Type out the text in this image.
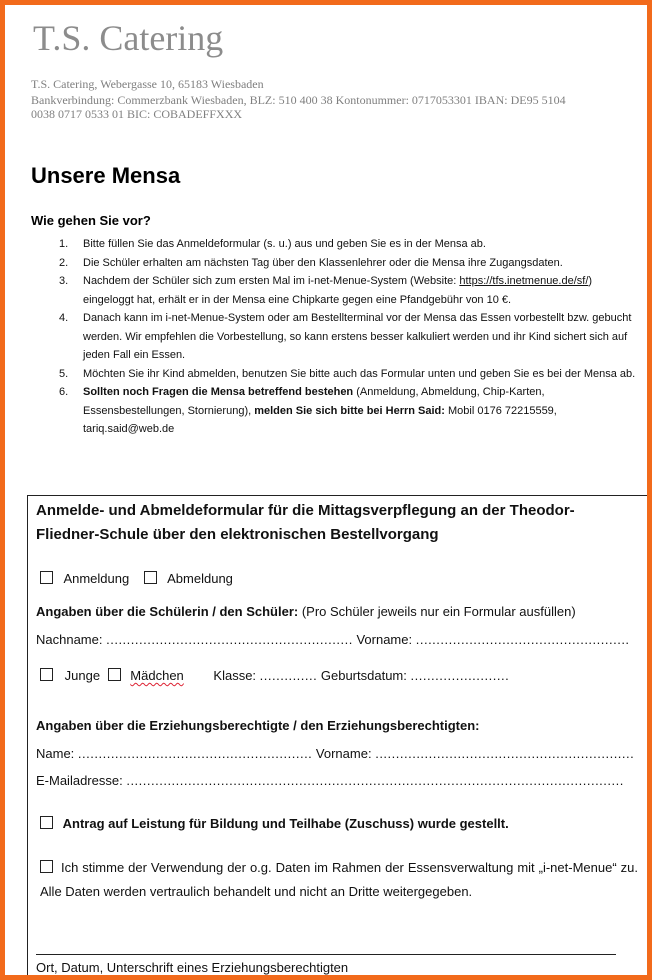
T.S. Catering
T.S. Catering, Webergasse 10, 65183 Wiesbaden
Bankverbindung: Commerzbank Wiesbaden, BLZ: 510 400 38 Kontonummer: 0717053301 IBAN: DE95 5104
0038 0717 0533 01 BIC: COBADEFFXXX
Unsere Mensa
Wie gehen Sie vor?
1. Bitte füllen Sie das Anmeldeformular (s. u.) aus und geben Sie es in der Mensa ab.
2. Die Schüler erhalten am nächsten Tag über den Klassenlehrer oder die Mensa ihre Zugangsdaten.
3. Nachdem der Schüler sich zum ersten Mal im i-net-Menue-System (Website: https://tfs.inetmenue.de/sf/) eingeloggt hat, erhält er in der Mensa eine Chipkarte gegen eine Pfandgebühr von 10 €.
4. Danach kann im i-net-Menue-System oder am Bestellterminal vor der Mensa das Essen vorbestellt bzw. gebucht werden. Wir empfehlen die Vorbestellung, so kann erstens besser kalkuliert werden und ihr Kind sichert sich auf jeden Fall ein Essen.
5. Möchten Sie ihr Kind abmelden, benutzen Sie bitte auch das Formular unten und geben Sie es bei der Mensa ab.
6. Sollten noch Fragen die Mensa betreffend bestehen (Anmeldung, Abmeldung, Chip-Karten, Essensbestellungen, Stornierung), melden Sie sich bitte bei Herrn Said: Mobil 0176 72215559, tariq.said@web.de
Anmelde- und Abmeldeformular für die Mittagsverpflegung an der Theodor-Fliedner-Schule über den elektronischen Bestellvorgang
Anmeldung	Abmeldung
Angaben über die Schülerin / den Schüler: (Pro Schüler jeweils nur ein Formular ausfüllen)
Nachname: ............................................................ Vorname: ....................................................
Junge Mädchen Klasse: .............. Geburtsdatum: ........................
Angaben über die Erziehungsberechtigte / den Erziehungsberechtigten:
Name: ......................................................... Vorname: ...............................................................
E-Mailadresse: .........................................................................................................................
Antrag auf Leistung für Bildung und Teilhabe (Zuschuss) wurde gestellt.
Ich stimme der Verwendung der o.g. Daten im Rahmen der Essensverwaltung mit „i-net-Menue“ zu. Alle Daten werden vertraulich behandelt und nicht an Dritte weitergegeben.
Ort, Datum, Unterschrift eines Erziehungsberechtigten
